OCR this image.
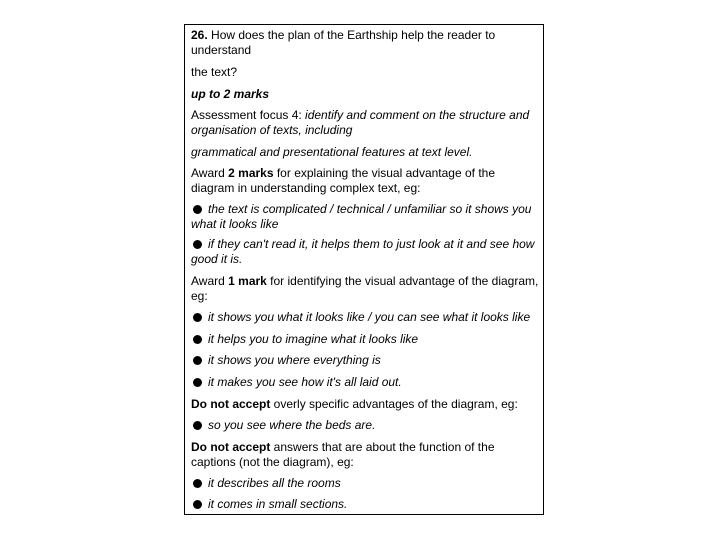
26. How does the plan of the Earthship help the reader to

understand

the text?

up to 2 marks

Assessment focus 4: identify and comment on the structure and

organisation of texts, including

grammatical and presentational features at text level.

Award 2 marks for explaining the visual advantage of the

diagram in understanding complex text, eg:

the text is complicated / technical / unfamiliar so it shows you

what it looks like

if they can't read it, it helps them to just look at it and see how

good it is.

Award 1 mark for identifying the visual advantage of the diagram,

eg:

it shows you what it looks like / you can see what it looks like

it helps you to imagine what it looks like

it shows you where everything is

it makes you see how it's all laid out.

Do not accept overly specific advantages of the diagram, eg:

so you see where the beds are.

Do not accept answers that are about the function of the

captions (not the diagram), eg:

it describes all the rooms

it comes in small sections.
